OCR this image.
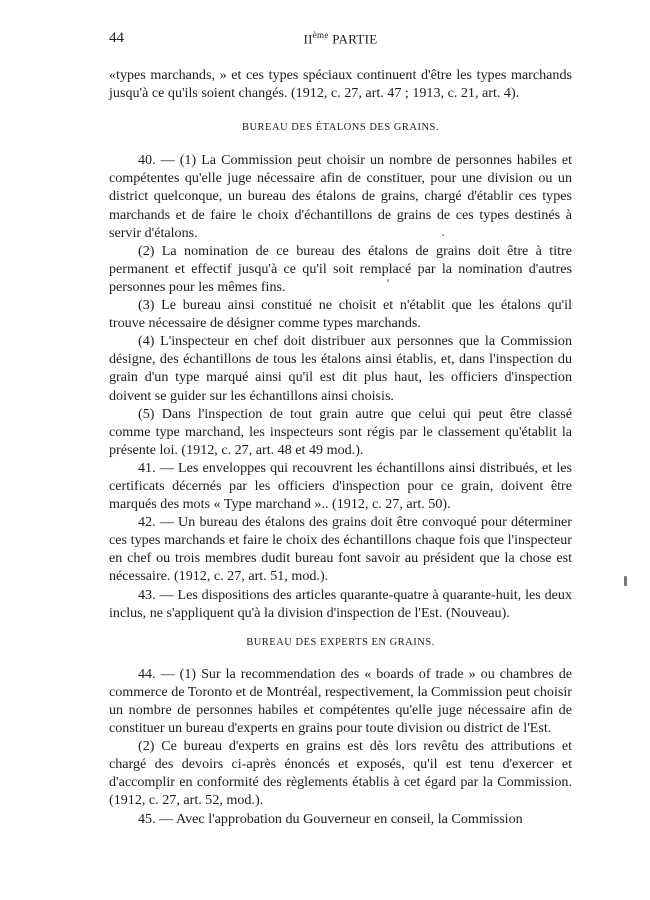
44	IIème PARTIE

«types marchands, » et ces types spéciaux continuent d'être les types marchands jusqu'à ce qu'ils soient changés. (1912, c. 27, art. 47 ; 1913, c. 21, art. 4).

BUREAU DES ÉTALONS DES GRAINS.

40. — (1) La Commission peut choisir un nombre de personnes habiles et compétentes qu'elle juge nécessaire afin de constituer, pour une division ou un district quelconque, un bureau des étalons de grains, chargé d'établir ces types marchands et de faire le choix d'échantillons de grains de ces types destinés à servir d'étalons.

(2) La nomination de ce bureau des étalons de grains doit être à titre permanent et effectif jusqu'à ce qu'il soit remplacé par la nomination d'autres personnes pour les mêmes fins.

(3) Le bureau ainsi constitué ne choisit et n'établit que les étalons qu'il trouve nécessaire de désigner comme types marchands.

(4) L'inspecteur en chef doit distribuer aux personnes que la Commission désigne, des échantillons de tous les étalons ainsi établis, et, dans l'inspection du grain d'un type marqué ainsi qu'il est dit plus haut, les officiers d'inspection doivent se guider sur les échantillons ainsi choisis.

(5) Dans l'inspection de tout grain autre que celui qui peut être classé comme type marchand, les inspecteurs sont régis par le classement qu'établit la présente loi. (1912, c. 27, art. 48 et 49 mod.).

41. — Les enveloppes qui recouvrent les échantillons ainsi distribués, et les certificats décernés par les officiers d'inspection pour ce grain, doivent être marqués des mots « Type marchand ».. (1912, c. 27, art. 50).

42. — Un bureau des étalons des grains doit être convoqué pour déterminer ces types marchands et faire le choix des échantillons chaque fois que l'inspecteur en chef ou trois membres dudit bureau font savoir au président que la chose est nécessaire. (1912, c. 27, art. 51, mod.).

43. — Les dispositions des articles quarante-quatre à quarante-huit, les deux inclus, ne s'appliquent qu'à la division d'inspection de l'Est. (Nouveau).

BUREAU DES EXPERTS EN GRAINS.

44. — (1) Sur la recommendation des « boards of trade » ou chambres de commerce de Toronto et de Montréal, respectivement, la Commission peut choisir un nombre de personnes habiles et compétentes qu'elle juge nécessaire afin de constituer un bureau d'experts en grains pour toute division ou district de l'Est.

(2) Ce bureau d'experts en grains est dès lors revêtu des attributions et chargé des devoirs ci-après énoncés et exposés, qu'il est tenu d'exercer et d'accomplir en conformité des règlements établis à cet égard par la Commission. (1912, c. 27, art. 52, mod.).

45. — Avec l'approbation du Gouverneur en conseil, la Commission
